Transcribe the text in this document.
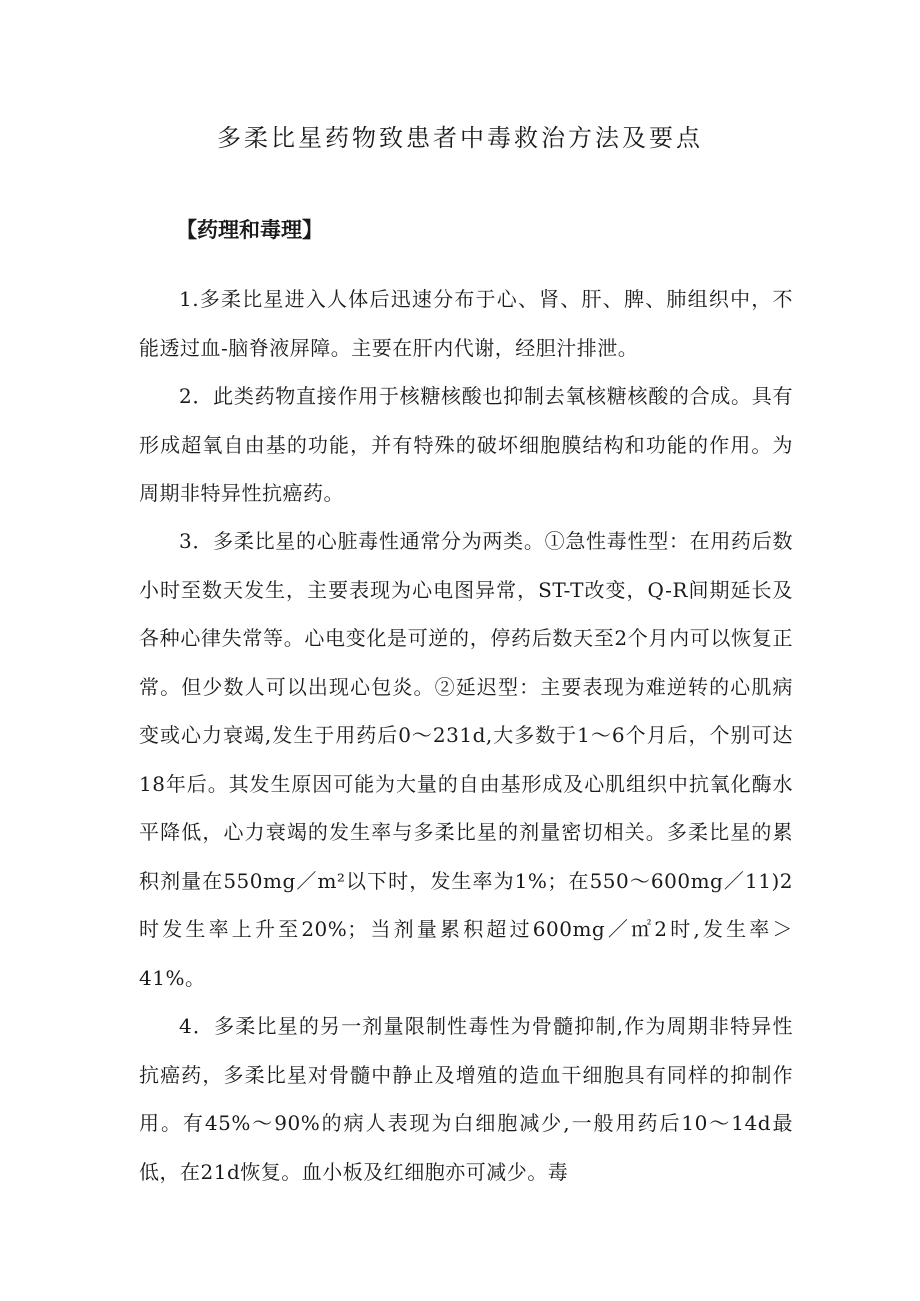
多柔比星药物致患者中毒救治方法及要点
【药理和毒理】

1.多柔比星进入人体后迅速分布于心、肾、肝、脾、肺组织中，不能透过血-脑脊液屏障。主要在肝内代谢，经胆汁排泄。

2．此类药物直接作用于核糖核酸也抑制去氧核糖核酸的合成。具有形成超氧自由基的功能，并有特殊的破坏细胞膜结构和功能的作用。为周期非特异性抗癌药。

3．多柔比星的心脏毒性通常分为两类。①急性毒性型：在用药后数小时至数天发生，主要表现为心电图异常，ST-T改变，Q-R间期延长及各种心律失常等。心电变化是可逆的，停药后数天至2个月内可以恢复正常。但少数人可以出现心包炎。②延迟型：主要表现为难逆转的心肌病变或心力衰竭,发生于用药后0～231d,大多数于1～6个月后，个别可达18年后。其发生原因可能为大量的自由基形成及心肌组织中抗氧化酶水平降低，心力衰竭的发生率与多柔比星的剂量密切相关。多柔比星的累积剂量在550mg／m²以下时，发生率为1%；在550～600mg／11)2时发生率上升至20%；当剂量累积超过600mg／㎡2时,发生率＞41%。

4．多柔比星的另一剂量限制性毒性为骨髓抑制,作为周期非特异性抗癌药，多柔比星对骨髓中静止及增殖的造血干细胞具有同样的抑制作用。有45%～90%的病人表现为白细胞减少,一般用药后10～14d最低，在21d恢复。血小板及红细胞亦可减少。毒
